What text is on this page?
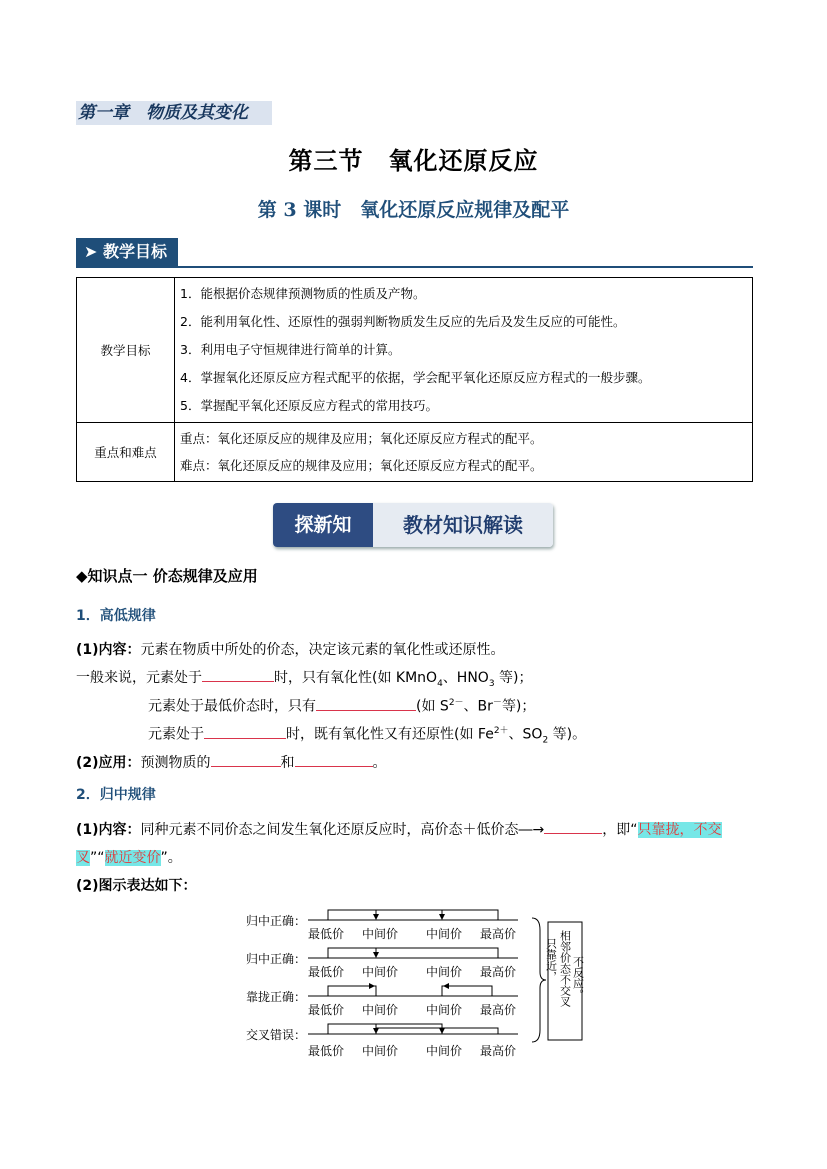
第一章　物质及其变化
第三节　氧化还原反应
第 3 课时　氧化还原反应规律及配平
➤ 教学目标
教学目标	1．能根据价态规律预测物质的性质及产物。
2．能利用氧化性、还原性的强弱判断物质发生反应的先后及发生反应的可能性。
3．利用电子守恒规律进行简单的计算。
4．掌握氧化还原反应方程式配平的依据，学会配平氧化还原反应方程式的一般步骤。
5．掌握配平氧化还原反应方程式的常用技巧。

重点和难点	重点：氧化还原反应的规律及应用；氧化还原反应方程式的配平。
难点：氧化还原反应的规律及应用；氧化还原反应方程式的配平。
探新知	教材知识解读
◆知识点一 价态规律及应用
1．高低规律
(1)内容：元素在物质中所处的价态，决定该元素的氧化性或还原性。
一般来说，元素处于	时，只有氧化性(如 KMnO$_4$、$HNO_3$ 等)；
元素处于最低价态时，只有	(如 $S^{2-}$、Br－等)；
元素处于	时，既有氧化性又有还原性(如 $Fe^{2+}$、$SO_2$ 等)。
(2)应用：预测物质的	和	。
2．归中规律
(1)内容：同种元素不同价态之间发生氧化还原反应时，高价态＋低价态―→	，即“只靠拢，不交
叉”“就近变价”。
(2)图示表达如下：
归中正确：
最低价 中间价 中间价 最高价
归中正确：
最低价 中间价 中间价 最高价
靠拢正确：
最低价 中间价 中间价 最高价
交叉错误：
最低价 中间价 中间价 最高价
只靠近， 相邻价态不交叉 不反应。
